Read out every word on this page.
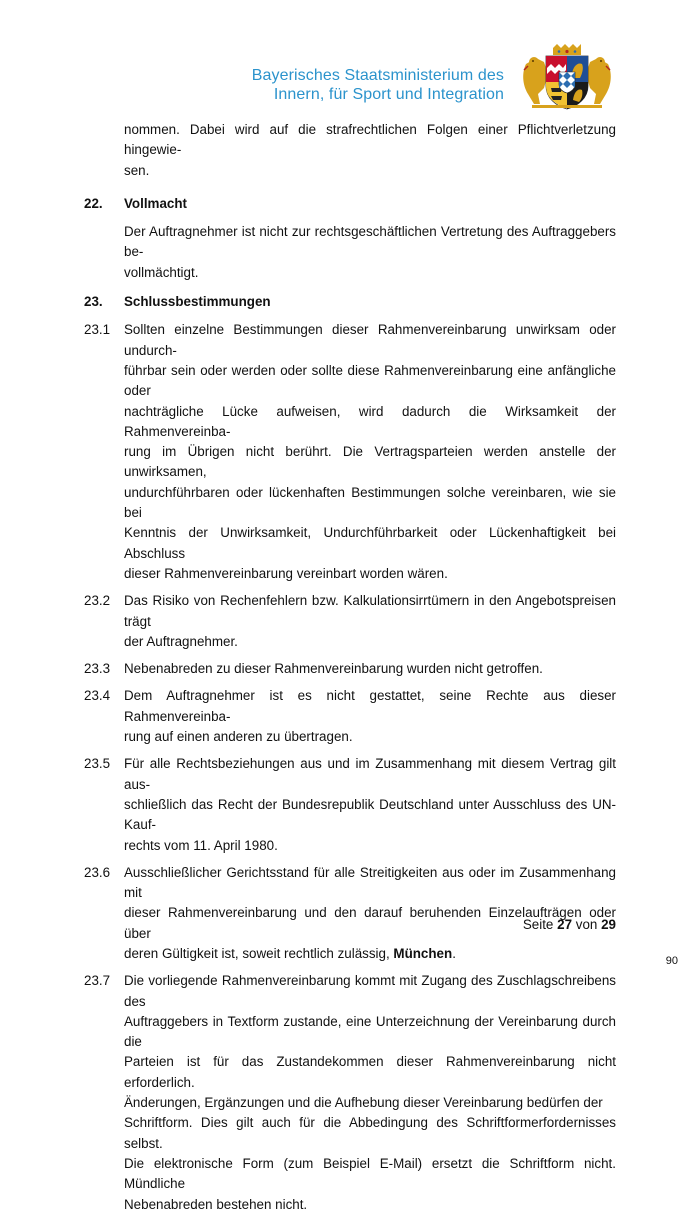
Bayerisches Staatsministerium des
Innern, für Sport und Integration
nommen. Dabei wird auf die strafrechtlichen Folgen einer Pflichtverletzung hingewie-
sen.
22.	Vollmacht
Der Auftragnehmer ist nicht zur rechtsgeschäftlichen Vertretung des Auftraggebers be-
vollmächtigt.
23.	Schlussbestimmungen
23.1	Sollten einzelne Bestimmungen dieser Rahmenvereinbarung unwirksam oder undurch-
führbar sein oder werden oder sollte diese Rahmenvereinbarung eine anfängliche oder
nachträgliche Lücke aufweisen, wird dadurch die Wirksamkeit der Rahmenvereinba-
rung im Übrigen nicht berührt. Die Vertragsparteien werden anstelle der unwirksamen,
undurchführbaren oder lückenhaften Bestimmungen solche vereinbaren, wie sie bei
Kenntnis der Unwirksamkeit, Undurchführbarkeit oder Lückenhaftigkeit bei Abschluss
dieser Rahmenvereinbarung vereinbart worden wären.
23.2	Das Risiko von Rechenfehlern bzw. Kalkulationsirrtümern in den Angebotspreisen trägt
der Auftragnehmer.
23.3	Nebenabreden zu dieser Rahmenvereinbarung wurden nicht getroffen.
23.4	Dem Auftragnehmer ist es nicht gestattet, seine Rechte aus dieser Rahmenvereinba-
rung auf einen anderen zu übertragen.
23.5	Für alle Rechtsbeziehungen aus und im Zusammenhang mit diesem Vertrag gilt aus-
schließlich das Recht der Bundesrepublik Deutschland unter Ausschluss des UN-Kauf-
rechts vom 11. April 1980.
23.6	Ausschließlicher Gerichtsstand für alle Streitigkeiten aus oder im Zusammenhang mit
dieser Rahmenvereinbarung und den darauf beruhenden Einzelaufträgen oder über
deren Gültigkeit ist, soweit rechtlich zulässig, München.
23.7	Die vorliegende Rahmenvereinbarung kommt mit Zugang des Zuschlagschreibens des
Auftraggebers in Textform zustande, eine Unterzeichnung der Vereinbarung durch die
Parteien ist für das Zustandekommen dieser Rahmenvereinbarung nicht erforderlich.
Änderungen, Ergänzungen und die Aufhebung dieser Vereinbarung bedürfen der
Schriftform. Dies gilt auch für die Abbedingung des Schriftformerfordernisses selbst.
Die elektronische Form (zum Beispiel E-Mail) ersetzt die Schriftform nicht. Mündliche
Nebenabreden bestehen nicht.
Seite 27 von 29
90
